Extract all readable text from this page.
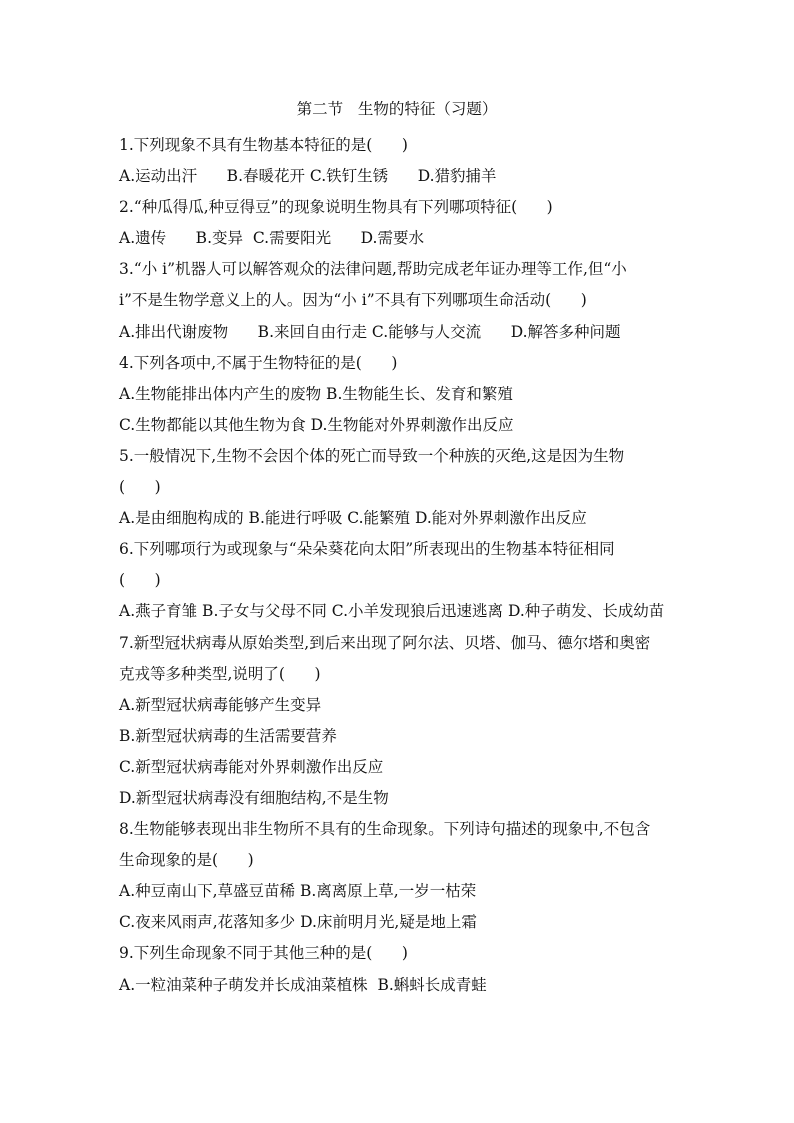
第二节   生物的特征（习题）
1.下列现象不具有生物基本特征的是(      )
A.运动出汗      B.春暖花开 C.铁钉生锈      D.猎豹捕羊
2.“种瓜得瓜,种豆得豆”的现象说明生物具有下列哪项特征(      )
A.遗传      B.变异  C.需要阳光      D.需要水
3.“小 i”机器人可以解答观众的法律问题,帮助完成老年证办理等工作,但“小
i”不是生物学意义上的人。因为“小 i”不具有下列哪项生命活动(      )
A.排出代谢废物      B.来回自由行走 C.能够与人交流      D.解答多种问题
4.下列各项中,不属于生物特征的是(      )
A.生物能排出体内产生的废物 B.生物能生长、发育和繁殖
C.生物都能以其他生物为食 D.生物能对外界刺激作出反应
5.一般情况下,生物不会因个体的死亡而导致一个种族的灭绝,这是因为生物
(      )
A.是由细胞构成的 B.能进行呼吸 C.能繁殖 D.能对外界刺激作出反应
6.下列哪项行为或现象与“朵朵葵花向太阳”所表现出的生物基本特征相同
(      )
A.燕子育雏 B.子女与父母不同 C.小羊发现狼后迅速逃离 D.种子萌发、长成幼苗
7.新型冠状病毒从原始类型,到后来出现了阿尔法、贝塔、伽马、德尔塔和奥密
克戎等多种类型,说明了(      )
A.新型冠状病毒能够产生变异
B.新型冠状病毒的生活需要营养
C.新型冠状病毒能对外界刺激作出反应
D.新型冠状病毒没有细胞结构,不是生物
8.生物能够表现出非生物所不具有的生命现象。下列诗句描述的现象中,不包含
生命现象的是(      )
A.种豆南山下,草盛豆苗稀 B.离离原上草,一岁一枯荣
C.夜来风雨声,花落知多少 D.床前明月光,疑是地上霜
9.下列生命现象不同于其他三种的是(      )
A.一粒油菜种子萌发并长成油菜植株  B.蝌蚪长成青蛙
